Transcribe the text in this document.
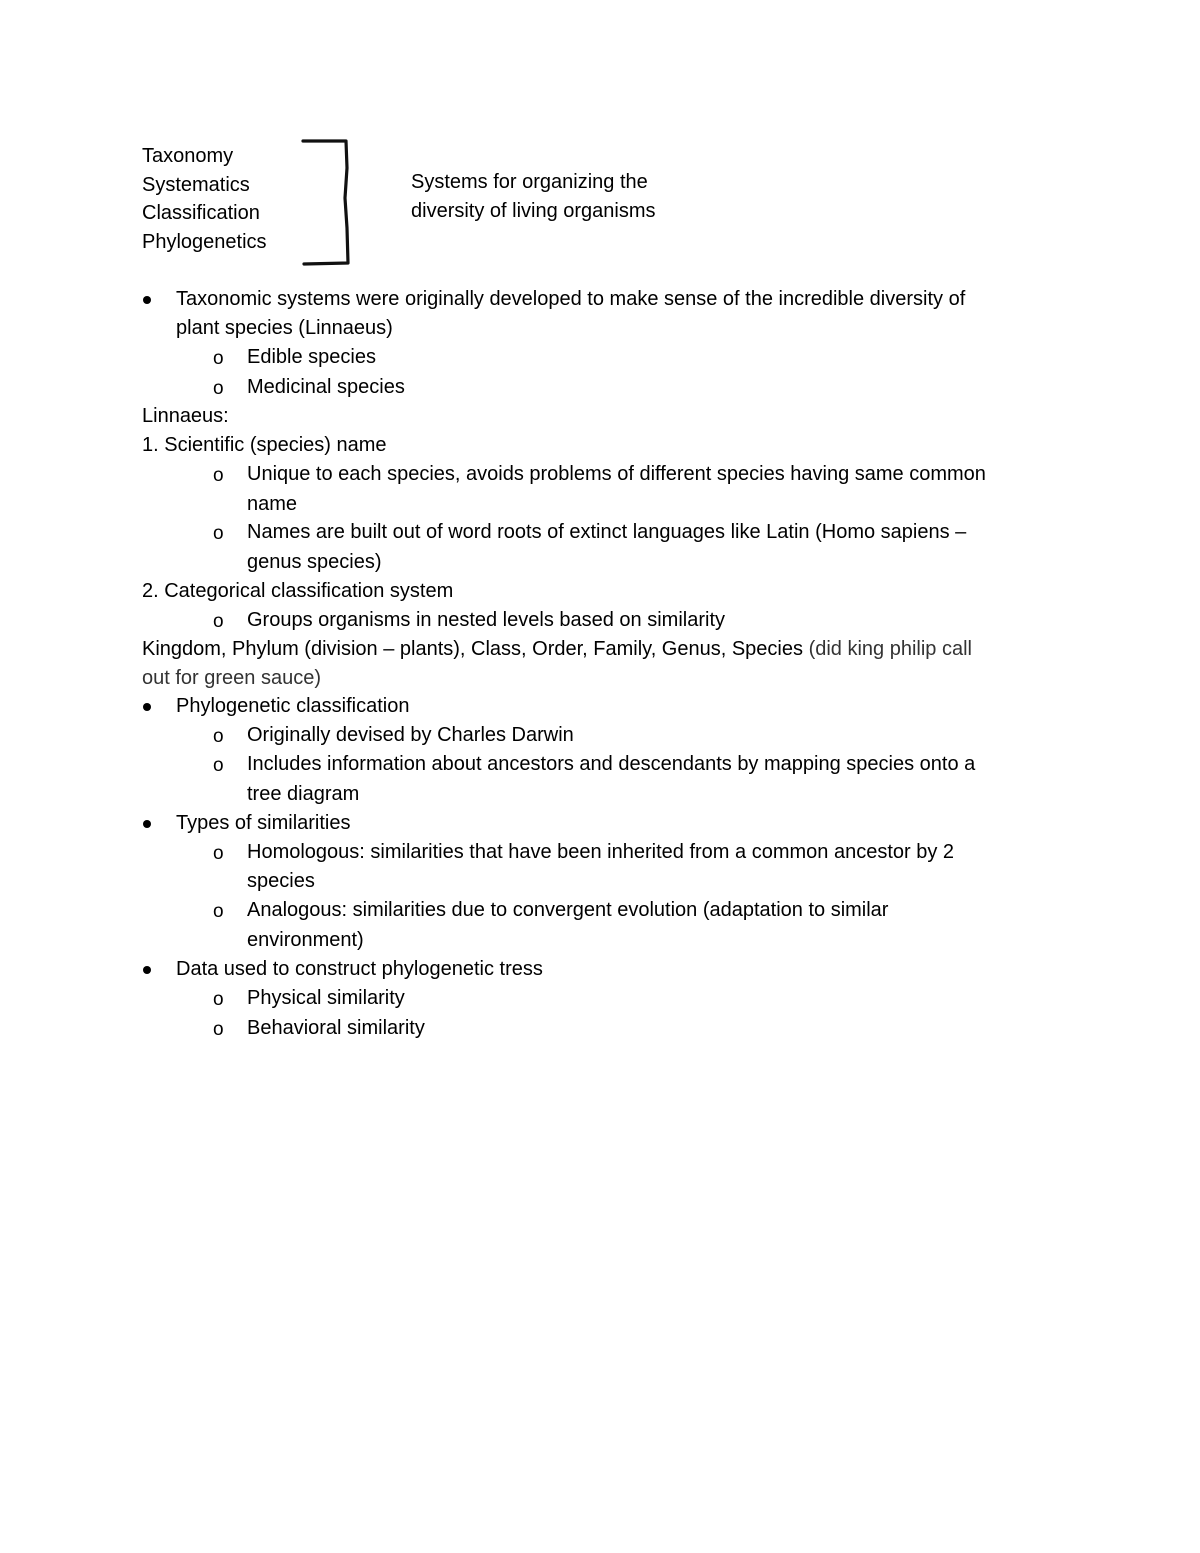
Taxonomy
Systematics
Classification
Phylogenetics
Systems for organizing the
diversity of living organisms
Taxonomic systems were originally developed to make sense of the incredible diversity of
plant species (Linnaeus)
o Edible species
o Medicinal species
Linnaeus:
1. Scientific (species) name
o Unique to each species, avoids problems of different species having same common
name
o Names are built out of word roots of extinct languages like Latin (Homo sapiens –
genus species)
2. Categorical classification system
o Groups organisms in nested levels based on similarity
Kingdom, Phylum (division – plants), Class, Order, Family, Genus, Species (did king philip call
out for green sauce)
Phylogenetic classification
o Originally devised by Charles Darwin
o Includes information about ancestors and descendants by mapping species onto a
tree diagram
Types of similarities
o Homologous: similarities that have been inherited from a common ancestor by 2
species
o Analogous: similarities due to convergent evolution (adaptation to similar
environment)
Data used to construct phylogenetic tress
o Physical similarity
o Behavioral similarity
